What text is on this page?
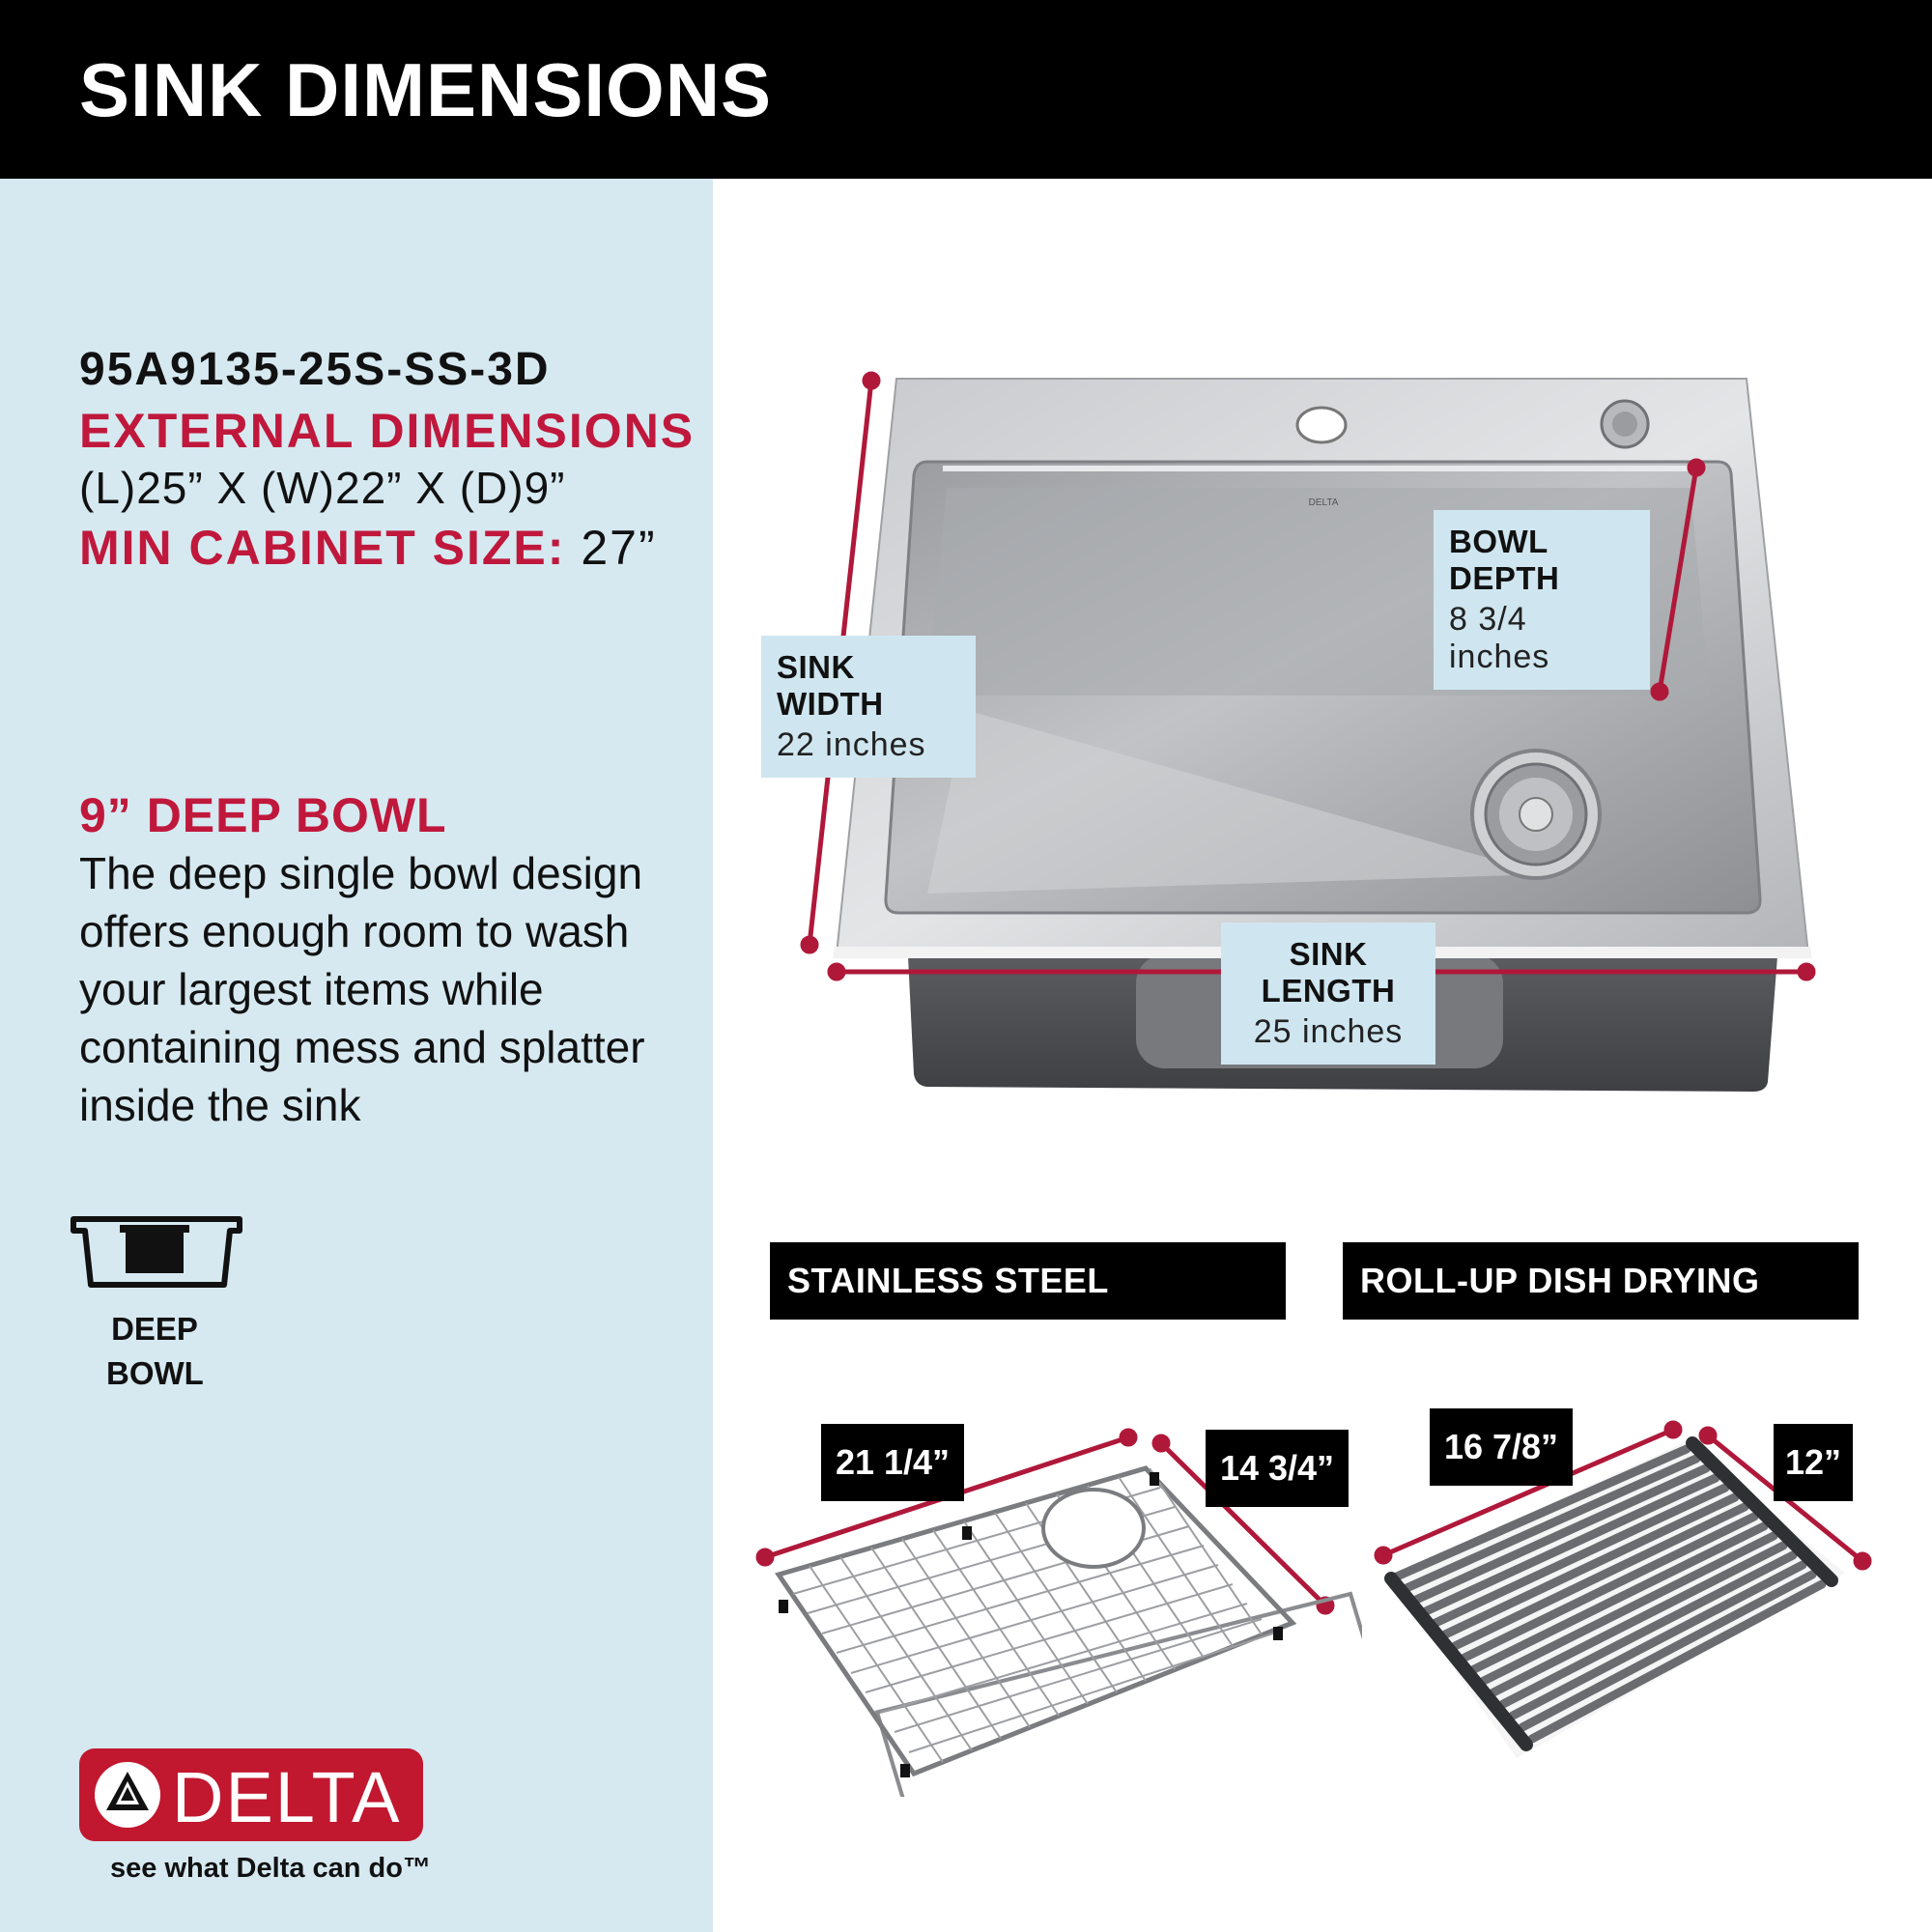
SINK DIMENSIONS
95A9135-25S-SS-3D
EXTERNAL DIMENSIONS
(L)25” X (W)22” X (D)9”
MIN CABINET SIZE: 27”
9” DEEP BOWL
The deep single bowl design offers enough room to wash your largest items while containing mess and splatter inside the sink
DEEP
BOWL
DELTA
see what Delta can do™
DELTA
SINK WIDTH
22 inches
BOWL DEPTH
8 3/4 inches
SINK LENGTH
25 inches
STAINLESS STEEL BOTTOM GRID
ROLL-UP DISH DRYING RACK
21 1/4”	14 3/4”
16 7/8”	12”
